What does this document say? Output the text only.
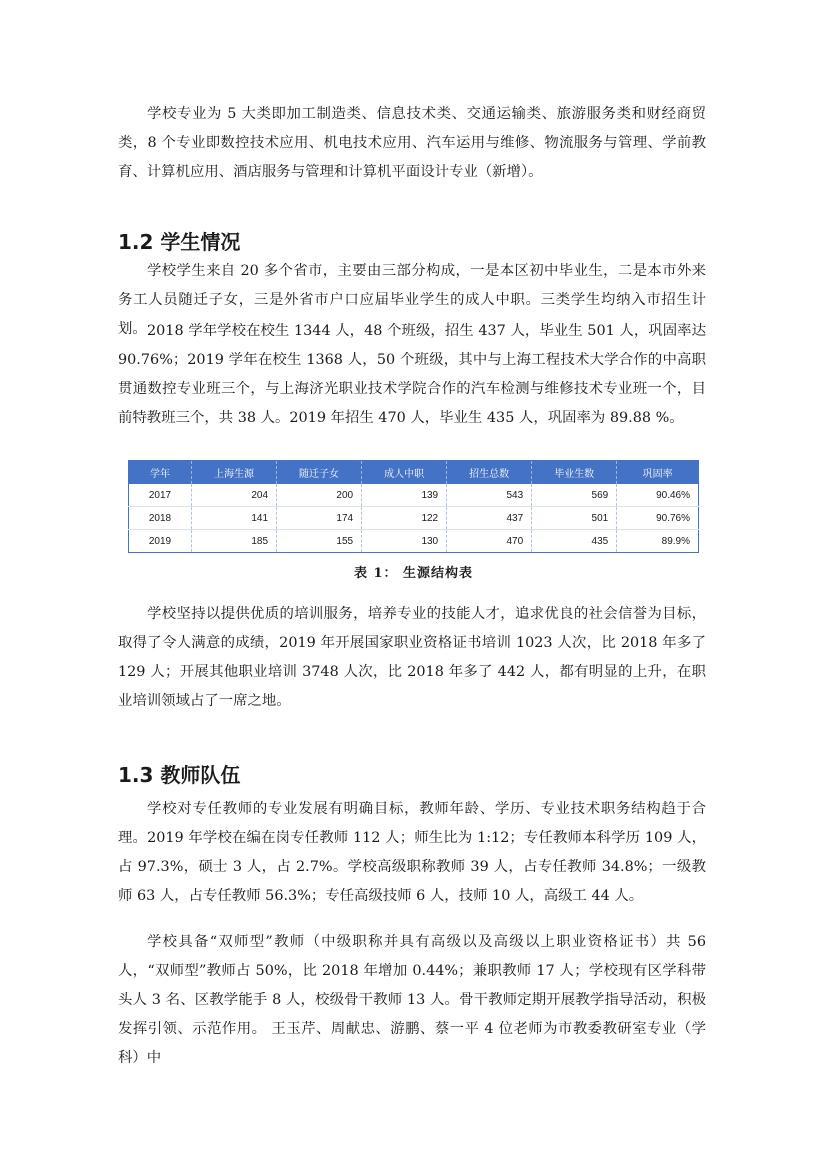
学校专业为 5 大类即加工制造类、信息技术类、交通运输类、旅游服务类和财经商贸类，8 个专业即数控技术应用、机电技术应用、汽车运用与维修、物流服务与管理、学前教育、计算机应用、酒店服务与管理和计算机平面设计专业（新增）。

1.2 学生情况

学校学生来自 20 多个省市，主要由三部分构成，一是本区初中毕业生，二是本市外来务工人员随迁子女，三是外省市户口应届毕业学生的成人中职。三类学生均纳入市招生计划。 2018 学年学校在校生 1344 人，48 个班级，招生 437 人，毕业生 501 人，巩固率达 90.76%；2019 学年在校生 1368 人，50 个班级，其中与上海工程技术大学合作的中高职贯通数控专业班三个，与上海济光职业技术学院合作的汽车检测与维修技术专业班一个，目前特教班三个，共 38 人。2019 年招生 470 人，毕业生 435 人，巩固率为 89.88 %。

学年	上海生源	随迁子女	成人中职	招生总数	毕业生数	巩固率
2017	204	200	139	543	569	90.46%
2018	141	174	122	437	501	90.76%
2019	185	155	130	470	435	89.9%

表 1： 生源结构表

学校坚持以提供优质的培训服务，培养专业的技能人才，追求优良的社会信誉为目标，取得了令人满意的成绩，2019 年开展国家职业资格证书培训 1023 人次，比 2018 年多了 129 人；开展其他职业培训 3748 人次，比 2018 年多了 442 人，都有明显的上升，在职业培训领域占了一席之地。

1.3 教师队伍

学校对专任教师的专业发展有明确目标，教师年龄、学历、专业技术职务结构趋于合理。2019 年学校在编在岗专任教师 112 人；师生比为 1:12；专任教师本科学历 109 人，占 97.3%，硕士 3 人，占 2.7%。学校高级职称教师 39 人，占专任教师 34.8%；一级教师 63 人，占专任教师 56.3%；专任高级技师 6 人，技师 10 人，高级工 44 人。

学校具备“双师型”教师（中级职称并具有高级以及高级以上职业资格证书）共 56 人，“双师型”教师占 50%，比 2018 年增加 0.44%；兼职教师 17 人；学校现有区学科带头人 3 名、区教学能手 8 人，校级骨干教师 13 人。骨干教师定期开展教学指导活动，积极发挥引领、示范作用。 王玉芹、周献忠、游鹏、蔡一平 4 位老师为市教委教研室专业（学科）中
